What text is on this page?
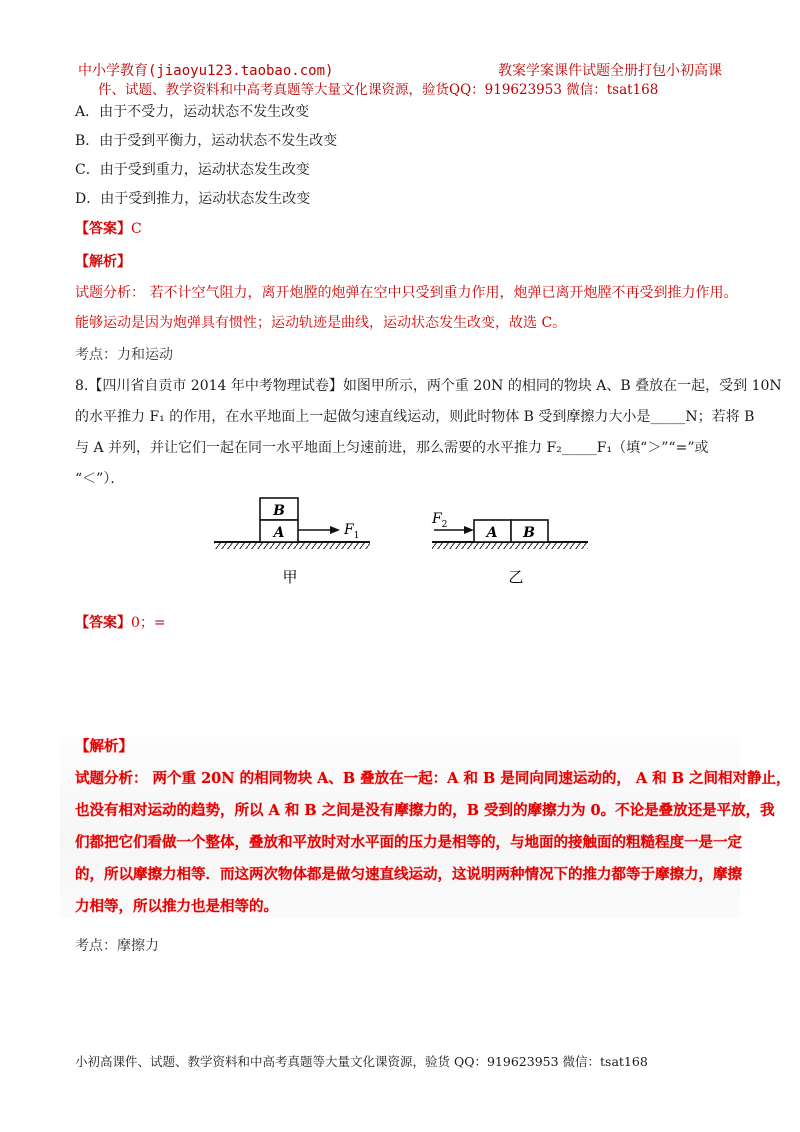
中小学教育(jiaoyu123.taobao.com)	教案学案课件试题全册打包小初高课
件、试题、教学资料和中高考真题等大量文化课资源，验货QQ：919623953 微信：tsat168
A．由于不受力，运动状态不发生改变
B．由于受到平衡力，运动状态不发生改变
C．由于受到重力，运动状态发生改变
D．由于受到推力，运动状态发生改变
【答案】C
【解析】
试题分析： 若不计空气阻力，离开炮膛的炮弹在空中只受到重力作用，炮弹已离开炮膛不再受到推力作用。
能够运动是因为炮弹具有惯性；运动轨迹是曲线，运动状态发生改变，故选 C。
考点：力和运动
8.【四川省自贡市 2014 年中考物理试卷】如图甲所示，两个重 20N 的相同的物块 A、B 叠放在一起，受到 10N
的水平推力 F₁ 的作用，在水平地面上一起做匀速直线运动，则此时物体 B 受到摩擦力大小是_____N；若将 B
与 A 并列，并让它们一起在同一水平地面上匀速前进，那么需要的水平推力 F₂_____F₁（填“＞”“=”或
“＜”）．
B
A	$F_1$	A B
$F_2$
甲	乙
【答案】0；=
【解析】
试题分析： 两个重 20N 的相同物块 A、B 叠放在一起：A 和 B 是同向同速运动的， A 和 B 之间相对静止，
也没有相对运动的趋势，所以 A 和 B 之间是没有摩擦力的，B 受到的摩擦力为 0。不论是叠放还是平放，我
们都把它们看做一个整体，叠放和平放时对水平面的压力是相等的，与地面的接触面的粗糙程度一是一定
的，所以摩擦力相等．而这两次物体都是做匀速直线运动，这说明两种情况下的推力都等于摩擦力，摩擦
力相等，所以推力也是相等的。
考点：摩擦力
小初高课件、试题、教学资料和中高考真题等大量文化课资源，验货 QQ：919623953 微信：tsat168
